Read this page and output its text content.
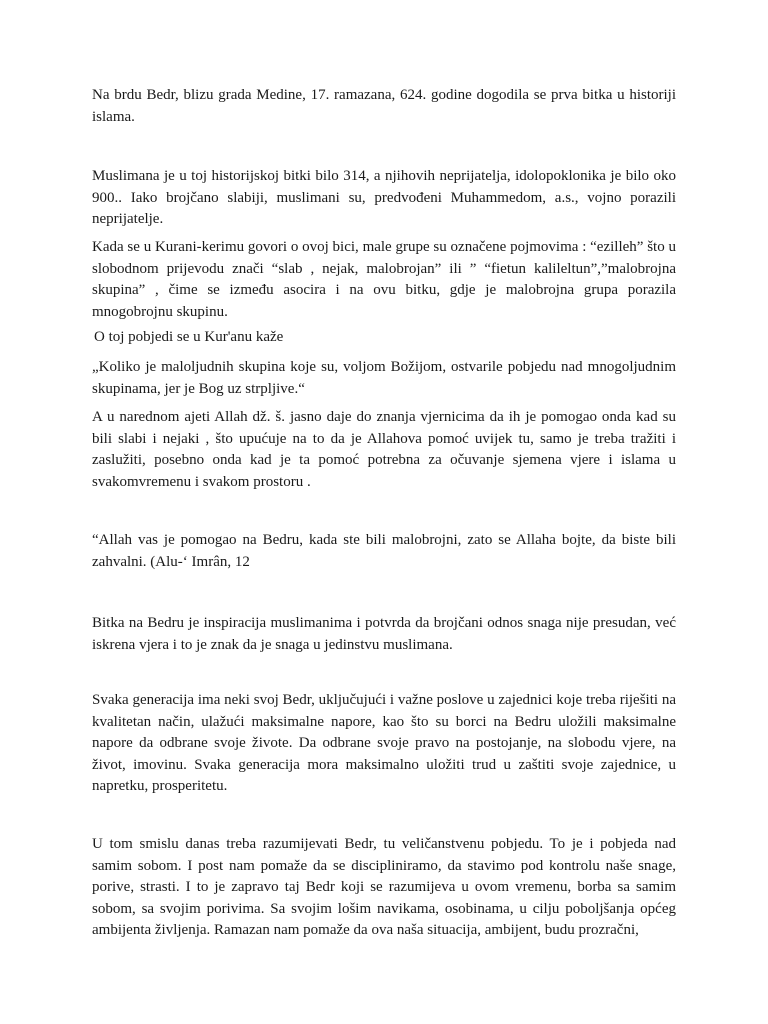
Na brdu Bedr, blizu grada Medine, 17. ramazana, 624. godine dogodila se prva bitka u historiji islama.

Muslimana je u toj historijskoj bitki bilo 314, a njihovih neprijatelja, idolopoklonika je bilo oko 900.. Iako brojčano slabiji, muslimani su, predvođeni Muhammedom, a.s., vojno porazili neprijatelje.

Kada se u Kurani-kerimu govori o ovoj bici, male grupe su označene pojmovima : “ezilleh” što u slobodnom prijevodu znači “slab , nejak, malobrojan” ili ” “fietun kalileltun”,”malobrojna skupina” , čime se između asocira i na ovu bitku, gdje je malobrojna grupa porazila mnogobrojnu skupinu.

O toj pobjedi se u Kur'anu kaže

„Koliko je maloljudnih skupina koje su, voljom Božijom, ostvarile pobjedu nad mnogoljudnim skupinama, jer je Bog uz strpljive.“

A u narednom ajeti Allah dž. š. jasno daje do znanja vjernicima da ih je pomogao onda kad su bili slabi i nejaki , što upućuje na to da je Allahova pomoć uvijek tu, samo je treba tražiti i zaslužiti, posebno onda kad je ta pomoć potrebna za očuvanje sjemena vjere i islama u svakomvremenu i svakom prostoru .

“Allah vas je pomogao na Bedru, kada ste bili malobrojni, zato se Allaha bojte, da biste bili zahvalni. (Alu-‘ Imrân, 12

Bitka na Bedru je inspiracija muslimanima i potvrda da brojčani odnos snaga nije presudan, već iskrena vjera i to je znak da je snaga u jedinstvu muslimana.

Svaka generacija ima neki svoj Bedr, uključujući i važne poslove u zajednici koje treba riješiti na kvalitetan način, ulažući maksimalne napore, kao što su borci na Bedru uložili maksimalne napore da odbrane svoje živote. Da odbrane svoje pravo na postojanje, na slobodu vjere, na život, imovinu. Svaka generacija mora maksimalno uložiti trud u zaštiti svoje zajednice, u napretku, prosperitetu.

U tom smislu danas treba razumijevati Bedr, tu veličanstvenu pobjedu. To je i pobjeda nad samim sobom. I post nam pomaže da se discipliniramo, da stavimo pod kontrolu naše snage, porive, strasti. I to je zapravo taj Bedr koji se razumijeva u ovom vremenu, borba sa samim sobom, sa svojim porivima. Sa svojim lošim navikama, osobinama, u cilju poboljšanja općeg ambijenta življenja. Ramazan nam pomaže da ova naša situacija, ambijent, budu prozračni,
